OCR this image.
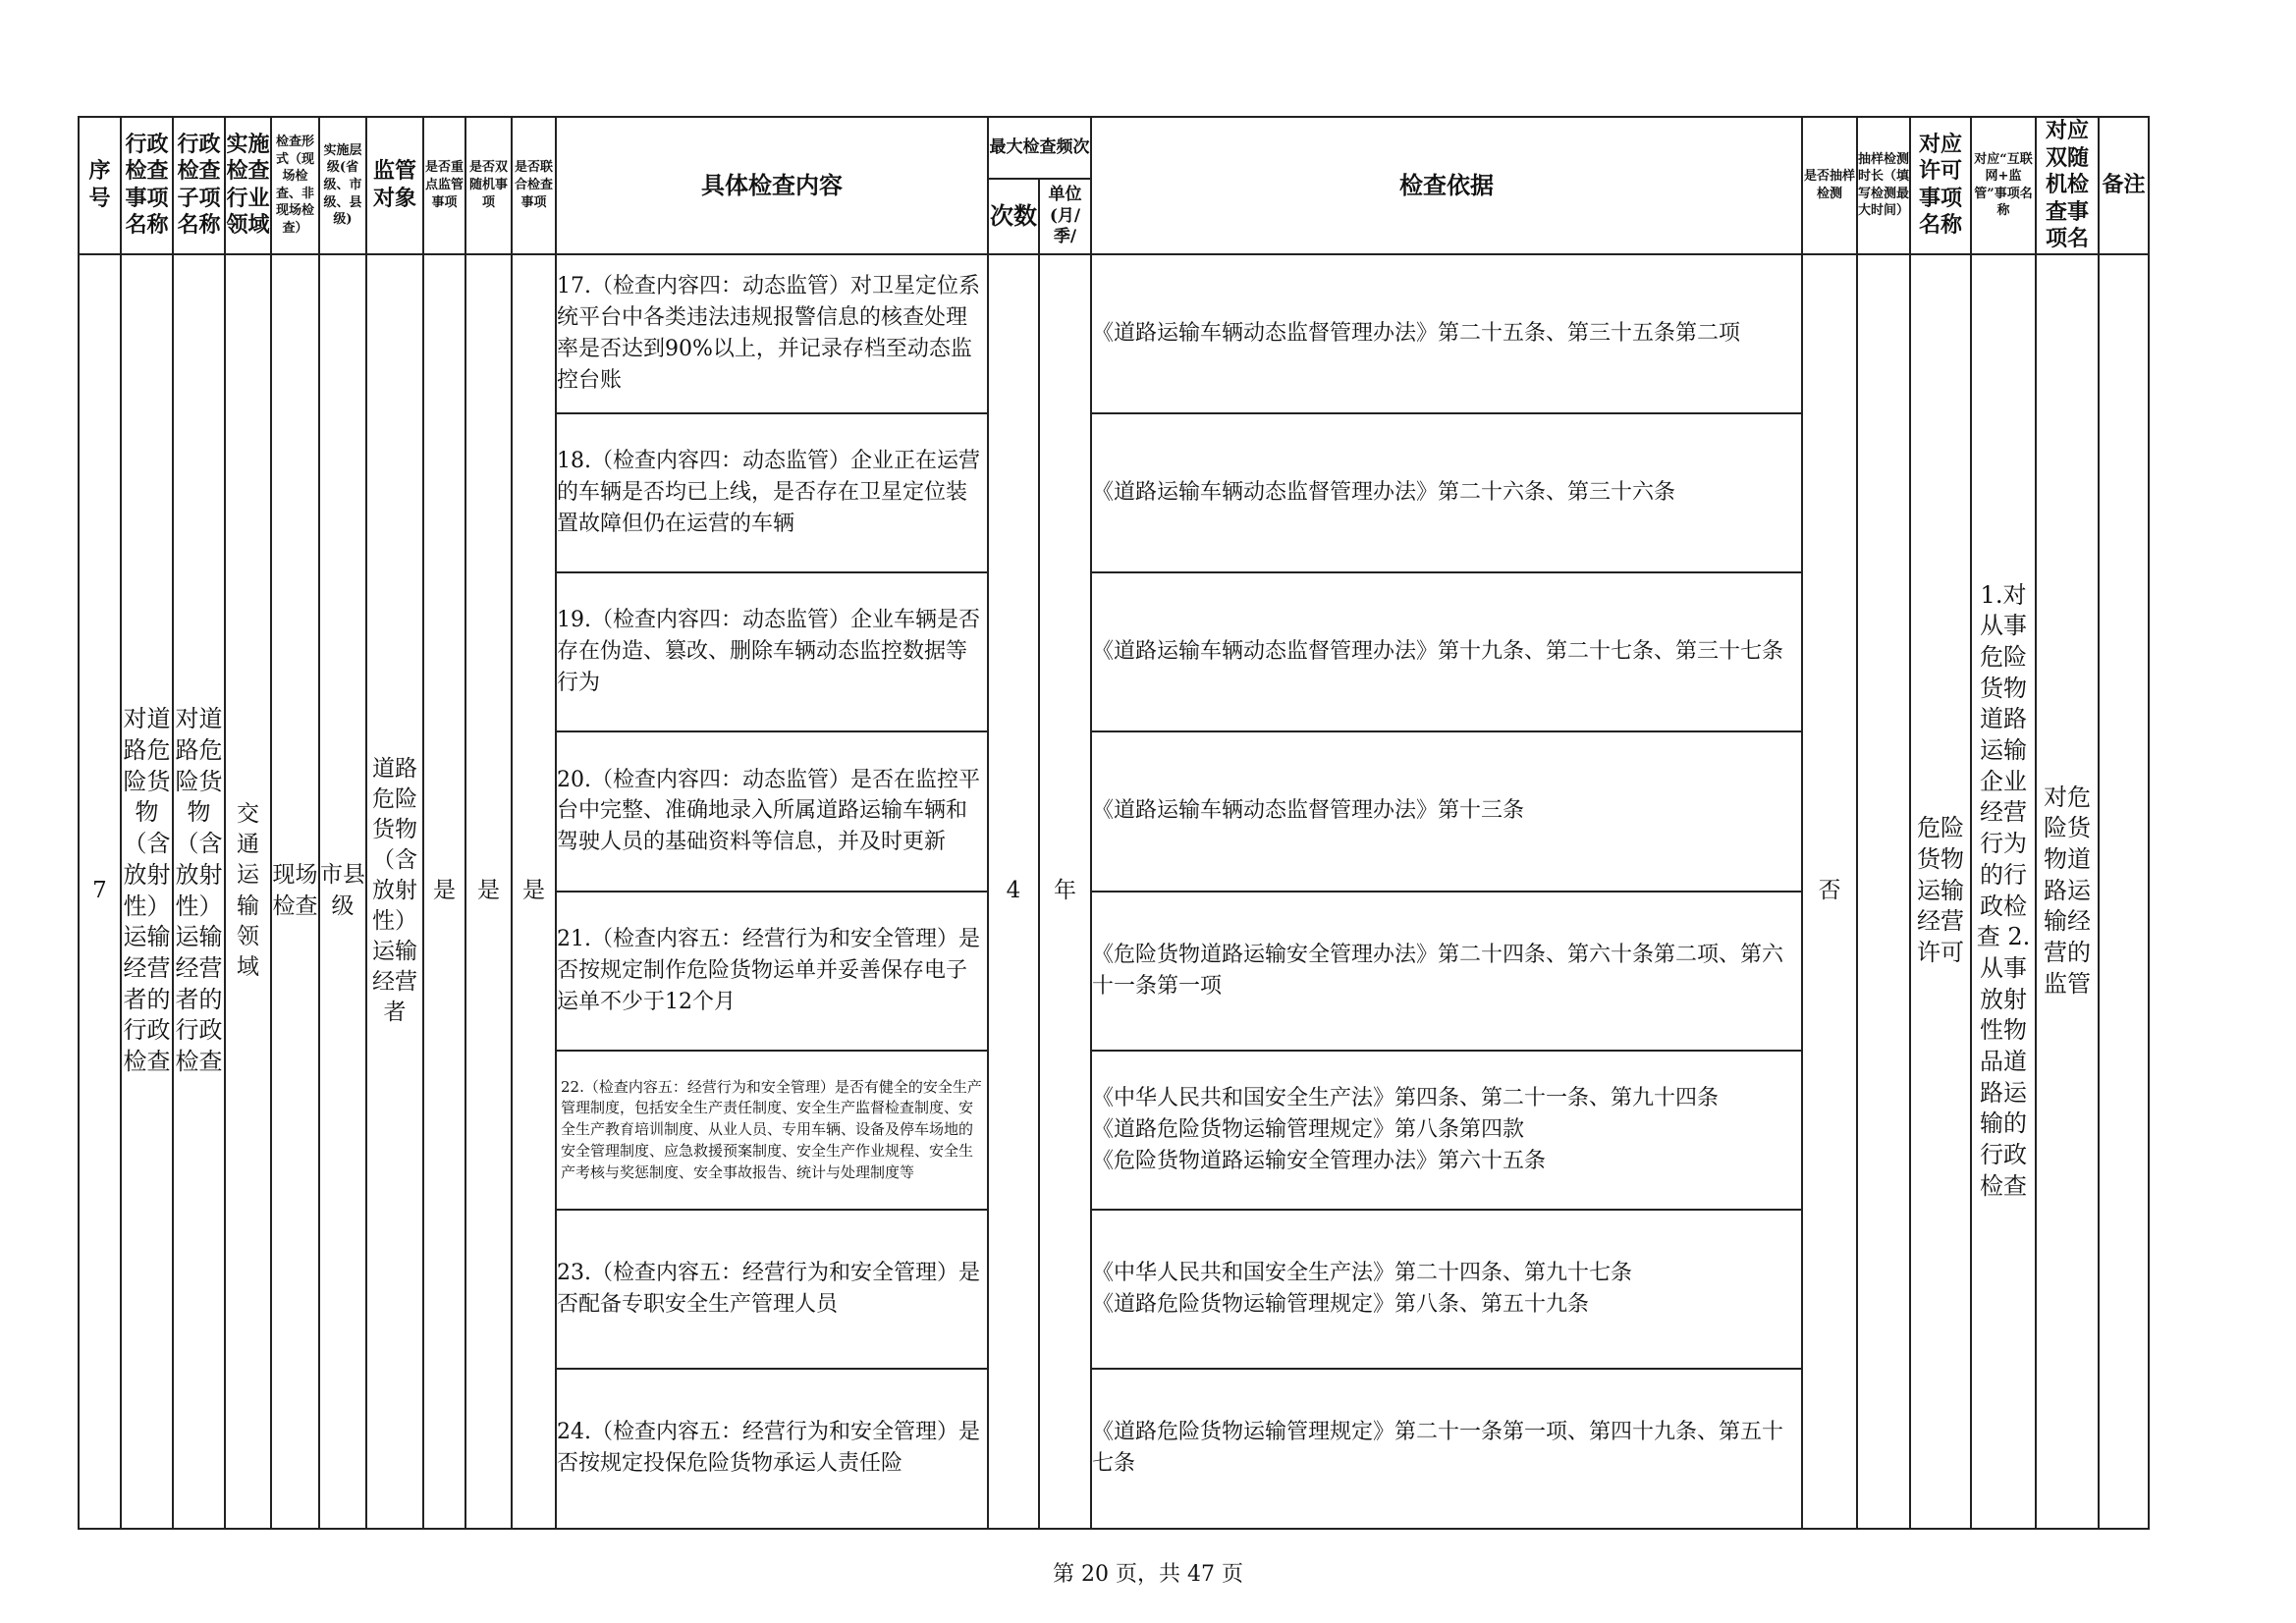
序号	行政检查事项名称	行政检查子项名称	实施检查行业领域	检查形式（现场检查、非现场检查）	实施层级(省级、市级、县级)	监管对象	是否重点监管事项	是否双随机事项	是否联合检查事项	具体检查内容	最大检查频次		检查依据	是否抽样检测	抽样检测时长（填写检测最大时间）	对应许可事项名称	对应“互联网+监管”事项名称	对应双随机检查事项名	备注
											次数	单位(月/季/							
7	对道路危险货物（含放射性）运输经营者的行政检查	对道路危险货物（含放射性）运输经营者的行政检查	交通运输领域	现场检查	市县级	道路危险货物（含放射性）运输经营者	是	是	是	17.（检查内容四：动态监管）对卫星定位系统平台中各类违法违规报警信息的核查处理率是否达到90%以上，并记录存档至动态监控台账	4	年	《道路运输车辆动态监督管理办法》第二十五条、第三十五条第二项	否		危险货物运输经营许可	1.对从事危险货物道路运输企业经营行为的行政检查 2.从事放射性物品道路运输的行政检查	对危险货物道路运输经营的监管	
										18.（检查内容四：动态监管）企业正在运营的车辆是否均已上线，是否存在卫星定位装置故障但仍在运营的车辆			《道路运输车辆动态监督管理办法》第二十六条、第三十六条						

										19.（检查内容四：动态监管）企业车辆是否存在伪造、篡改、删除车辆动态监控数据等行为			《道路运输车辆动态监督管理办法》第十九条、第二十七条、第三十七条						

										20.（检查内容四：动态监管）是否在监控平台中完整、准确地录入所属道路运输车辆和驾驶人员的基础资料等信息，并及时更新			《道路运输车辆动态监督管理办法》第十三条						

										21.（检查内容五：经营行为和安全管理）是否按规定制作危险货物运单并妥善保存电子运单不少于12个月			《危险货物道路运输安全管理办法》第二十四条、第六十条第二项、第六十一条第一项						

										22.（检查内容五：经营行为和安全管理）是否有健全的安全生产管理制度，包括安全生产责任制度、安全生产监督检查制度、安全生产教育培训制度、从业人员、专用车辆、设备及停车场地的安全管理制度、应急救援预案制度、安全生产作业规程、安全生产考核与奖惩制度、安全事故报告、统计与处理制度等			《中华人民共和国安全生产法》第四条、第二十一条、第九十四条
《道路危险货物运输管理规定》第八条第四款
《危险货物道路运输安全管理办法》第六十五条						

										23.（检查内容五：经营行为和安全管理）是否配备专职安全生产管理人员			《中华人民共和国安全生产法》第二十四条、第九十七条
《道路危险货物运输管理规定》第八条、第五十九条						

										24.（检查内容五：经营行为和安全管理）是否按规定投保危险货物承运人责任险			《道路危险货物运输管理规定》第二十一条第一项、第四十九条、第五十七条						
第 20 页，共 47 页
